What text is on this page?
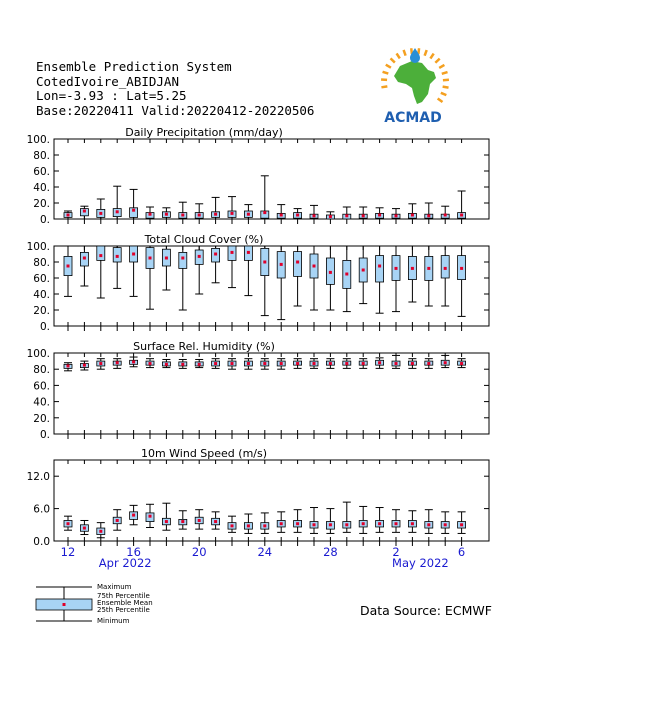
Ensemble Prediction System
CotedIvoire_ABIDJAN
Lon=-3.93 : Lat=5.25
Base:20220411 Valid:20220412-20220506	ACMAD
0.
20.
40.
60.
80.
100.
Daily Precipitation (mm/day)
0.
20.
40.
60.
80.
100.
Total Cloud Cover (%)
0.
20.
40.
60.
80.
100.
Surface Rel. Humidity (%)
0.0
6.0
12.0
10m Wind Speed (m/s)
12	16	20	24	28	2	6
Apr 2022	May 2022
Maximum
75th Percentile
Ensemble Mean
25th Percentile
Minimum
Data Source: ECMWF
